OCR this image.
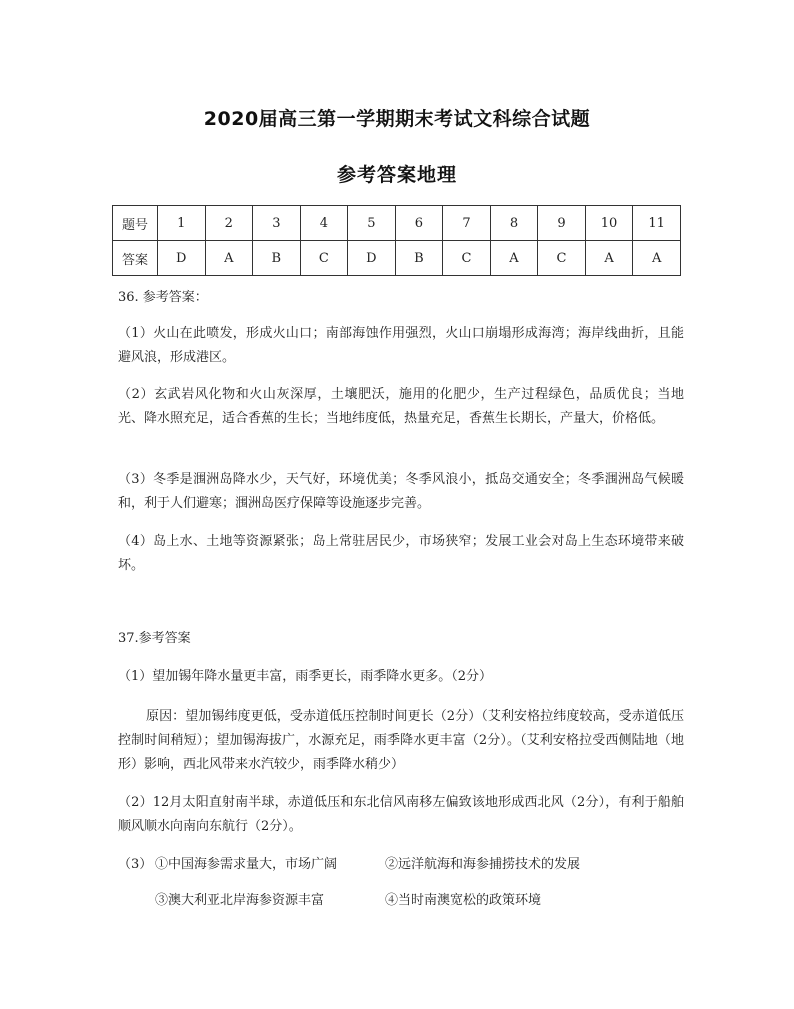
2020届高三第一学期期末考试文科综合试题
参考答案地理
题号	1	2	3	4	5	6	7	8	9	10	11
答案	D	A	B	C	D	B	C	A	C	A	A
36. 参考答案：
（1）火山在此喷发，形成火山口；南部海蚀作用强烈，火山口崩塌形成海湾；海岸线曲折，且能避风浪，形成港区。
（2）玄武岩风化物和火山灰深厚，土壤肥沃，施用的化肥少，生产过程绿色，品质优良；当地光、降水照充足，适合香蕉的生长；当地纬度低，热量充足，香蕉生长期长，产量大，价格低。
（3）冬季是涠洲岛降水少，天气好，环境优美；冬季风浪小，抵岛交通安全；冬季涠洲岛气候暖和，利于人们避寒；涠洲岛医疗保障等设施逐步完善。
（4）岛上水、土地等资源紧张；岛上常驻居民少，市场狭窄；发展工业会对岛上生态环境带来破坏。
37.参考答案
（1）望加锡年降水量更丰富，雨季更长，雨季降水更多。（2分）
原因：望加锡纬度更低，受赤道低压控制时间更长（2分）（艾利安格拉纬度较高，受赤道低压控制时间稍短）；望加锡海拔广，水源充足，雨季降水更丰富（2分）。（艾利安格拉受西侧陆地（地形）影响，西北风带来水汽较少，雨季降水稍少）
（2）12月太阳直射南半球，赤道低压和东北信风南移左偏致该地形成西北风（2分），有利于船舶顺风顺水向南向东航行（2分）。
（3） ①中国海参需求量大，市场广阔	②远洋航海和海参捕捞技术的发展
③澳大利亚北岸海参资源丰富	④当时南澳宽松的政策环境
